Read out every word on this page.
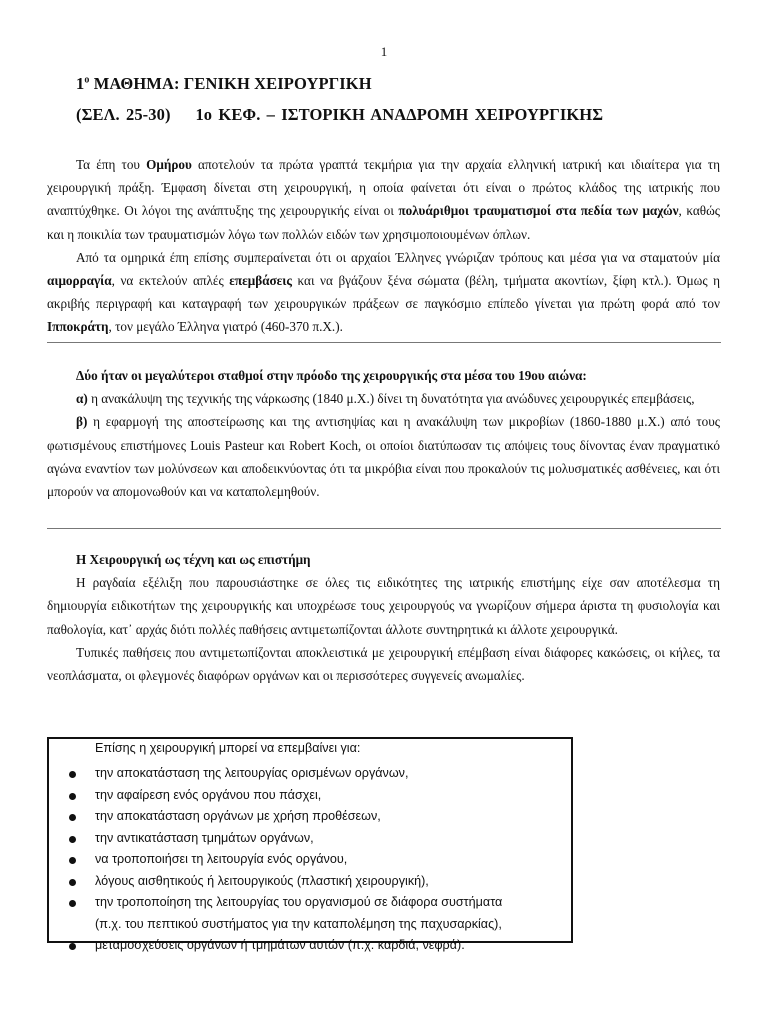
1
$1^o$ ΜΑΘΗΜΑ: ΓΕΝΙΚΗ ΧΕΙΡΟΥΡΓΙΚΗ
(ΣΕΛ. 25-30)    1ο ΚΕΦ. – ΙΣΤΟΡΙΚΗ ΑΝΑΔΡΟΜΗ ΧΕΙΡΟΥΡΓΙΚΗΣ

Τα έπη του Ομήρου αποτελούν τα πρώτα γραπτά τεκμήρια για την αρχαία ελληνική ιατρική και ιδιαίτερα για τη χειρουργική πράξη. Έμφαση δίνεται στη χειρουργική, η οποία φαίνεται ότι είναι ο πρώτος κλάδος της ιατρικής που αναπτύχθηκε. Οι λόγοι της ανάπτυξης της χειρουργικής είναι οι πολυάριθμοι τραυματισμοί στα πεδία των μαχών, καθώς και η ποικιλία των τραυματισμών λόγω των πολλών ειδών των χρησιμοποιουμένων όπλων.

Από τα ομηρικά έπη επίσης συμπεραίνεται ότι οι αρχαίοι Έλληνες γνώριζαν τρόπους και μέσα για να σταματούν μία αιμορραγία, να εκτελούν απλές επεμβάσεις και να βγάζουν ξένα σώματα (βέλη, τμήματα ακοντίων, ξίφη κτλ.). Όμως η ακριβής περιγραφή και καταγραφή των χειρουργικών πράξεων σε παγκόσμιο επίπεδο γίνεται για πρώτη φορά από τον Ιπποκράτη, τον μεγάλο Έλληνα γιατρό (460-370 π.Χ.).

Δύο ήταν οι μεγαλύτεροι σταθμοί στην πρόοδο της χειρουργικής στα μέσα του 19ου αιώνα:

α) η ανακάλυψη της τεχνικής της νάρκωσης (1840 μ.Χ.) δίνει τη δυνατότητα για ανώδυνες χειρουργικές επεμβάσεις,

β) η εφαρμογή της αποστείρωσης και της αντισηψίας και η ανακάλυψη των μικροβίων (1860-1880 μ.Χ.) από τους φωτισμένους επιστήμονες Louis Pasteur και Robert Koch, οι οποίοι διατύπωσαν τις απόψεις τους δίνοντας έναν πραγματικό αγώνα εναντίον των μολύνσεων και αποδεικνύοντας ότι τα μικρόβια είναι που προκαλούν τις μολυσματικές ασθένειες, και ότι μπορούν να απομονωθούν και να καταπολεμηθούν.

Η Χειρουργική ως τέχνη και ως επιστήμη

Η ραγδαία εξέλιξη που παρουσιάστηκε σε όλες τις ειδικότητες της ιατρικής επιστήμης είχε σαν αποτέλεσμα τη δημιουργία ειδικοτήτων της χειρουργικής και υποχρέωσε τους χειρουργούς να γνωρίζουν σήμερα άριστα τη φυσιολογία και παθολογία, κατ᾽ αρχάς διότι πολλές παθήσεις αντιμετωπίζονται άλλοτε συντηρητικά κι άλλοτε χειρουργικά.

Τυπικές παθήσεις που αντιμετωπίζονται αποκλειστικά με χειρουργική επέμβαση είναι διάφορες κακώσεις, οι κήλες, τα νεοπλάσματα, οι φλεγμονές διαφόρων οργάνων και οι περισσότερες συγγενείς ανωμαλίες.

Επίσης η χειρουργική μπορεί να επεμβαίνει για:
την αποκατάσταση της λειτουργίας ορισμένων οργάνων,
την αφαίρεση ενός οργάνου που πάσχει,
την αποκατάσταση οργάνων με χρήση προθέσεων,
την αντικατάσταση τμημάτων οργάνων,
να τροποποιήσει τη λειτουργία ενός οργάνου,
λόγους αισθητικούς ή λειτουργικούς (πλαστική χειρουργική),
την τροποποίηση της λειτουργίας του οργανισμού σε διάφορα συστήματα
(π.χ. του πεπτικού συστήματος για την καταπολέμηση της παχυσαρκίας),
μεταμοσχεύσεις οργάνων ή τμημάτων αυτών (π.χ. καρδιά, νεφρά).
